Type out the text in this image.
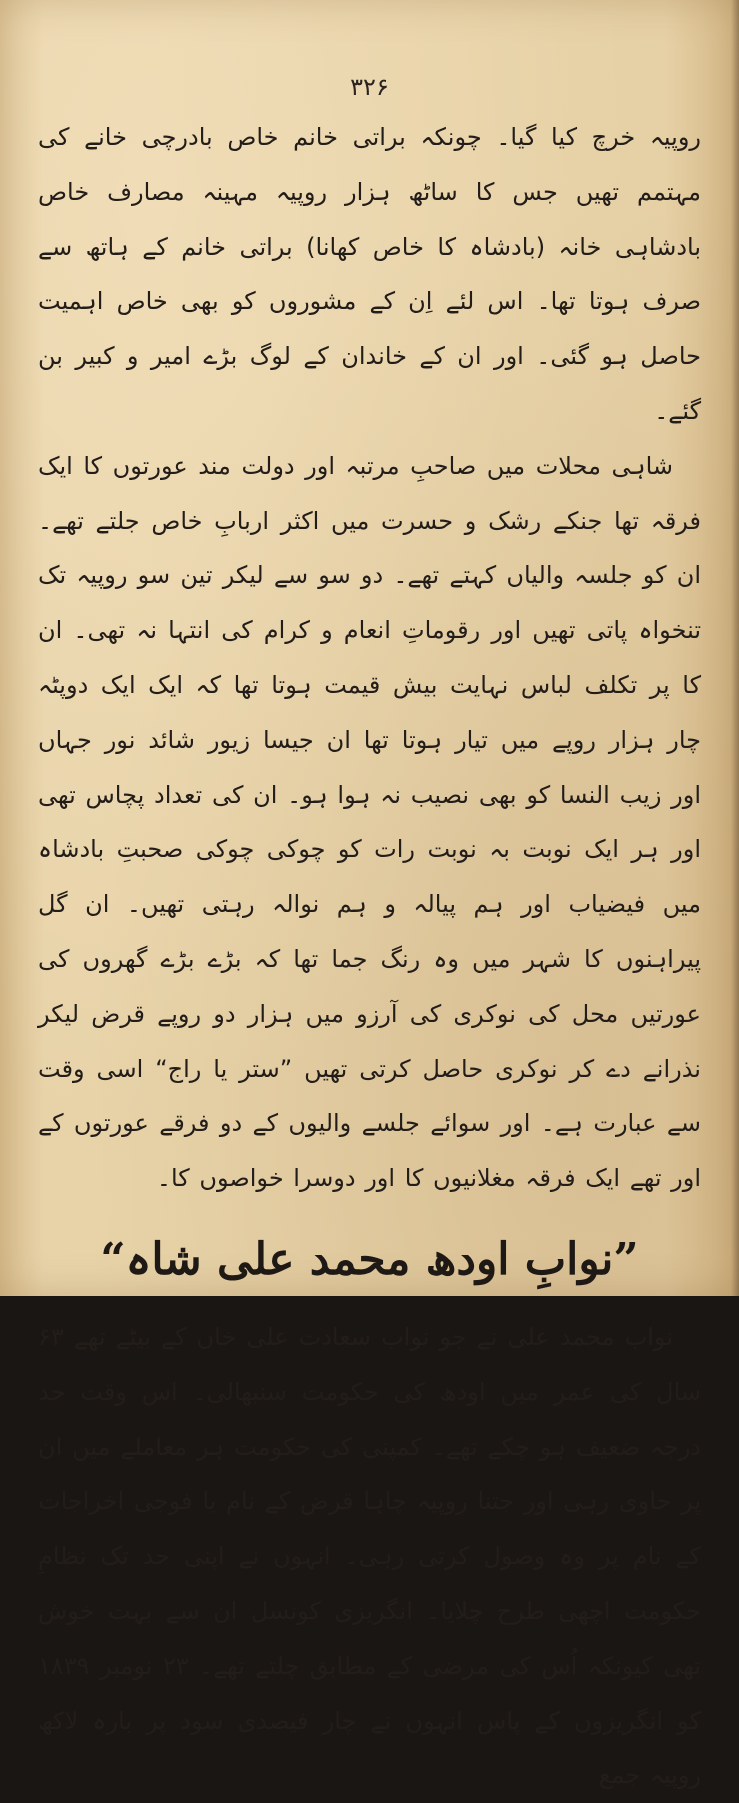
۳۲۶

روپیہ خرچ کیا گیا۔ چونکہ براتی خانم خاص بادرچی خانے کی مہتمم تھیں جس کا ساٹھ ہزار روپیہ مہینہ مصارف خاص بادشاہی خانہ (بادشاہ کا خاص کھانا) براتی خانم کے ہاتھ سے صرف ہوتا تھا۔ اس لئے اِن کے مشوروں کو بھی خاص اہمیت حاصل ہو گئی۔ اور ان کے خاندان کے لوگ بڑے امیر و کبیر بن گئے۔

شاہی محلات میں صاحبِ مرتبہ اور دولت مند عورتوں کا ایک فرقہ تھا جنکے رشک و حسرت میں اکثر اربابِ خاص جلتے تھے۔ ان کو جلسہ والیاں کہتے تھے۔ دو سو سے لیکر تین سو روپیہ تک تنخواہ پاتی تھیں اور رقوماتِ انعام و کرام کی انتہا نہ تھی۔ ان کا پر تکلف لباس نہایت بیش قیمت ہوتا تھا کہ ایک ایک دوپٹہ چار ہزار روپے میں تیار ہوتا تھا ان جیسا زیور شائد نور جہاں اور زیب النسا کو بھی نصیب نہ ہوا ہو۔ ان کی تعداد پچاس تھی اور ہر ایک نوبت بہ نوبت رات کو چوکی چوکی صحبتِ بادشاہ میں فیضیاب اور ہم پیالہ و ہم نوالہ رہتی تھیں۔ ان گل پیراہنوں کا شہر میں وہ رنگ جما تھا کہ بڑے بڑے گھروں کی عورتیں محل کی نوکری کی آرزو میں ہزار دو روپے قرض لیکر نذرانے دے کر نوکری حاصل کرتی تھیں ”ستر یا راج“ اسی وقت سے عبارت ہے۔ اور سوائے جلسے والیوں کے دو فرقے عورتوں کے اور تھے ایک فرقہ مغلانیوں کا اور دوسرا خواصوں کا۔

”نوابِ اودھ محمد علی شاہ“

نواب محمد علی نے جو نواب سعادت علی خاں کے بیٹے تھے ۶۳ سال کی عمر میں اودھ کی حکومت سنبھالی۔ اس وقت حد درجہ ضعیف ہو چکے تھے۔ کمپنی کی حکومت ہر معاملے میں ان پر حاوی رہی اور جتنا روپیہ چاہا قرض کے نام یا فوجی اخراجات کے نام پر وہ وصول کرتی رہی۔ انہوں نے اپنی حد تک نظامِ حکومت اچھی طرح چلایا۔ انگریزی کونسل ان سے بہت خوش تھی کیونکہ اُس کی مرضی کے مطابق چلتے تھے۔ ۲۳ نومبر ۱۸۳۹ کو انگریزوں کے پاس انہوں نے چار فیصدی سود پر بارہ لاکھ روپیہ جمع
